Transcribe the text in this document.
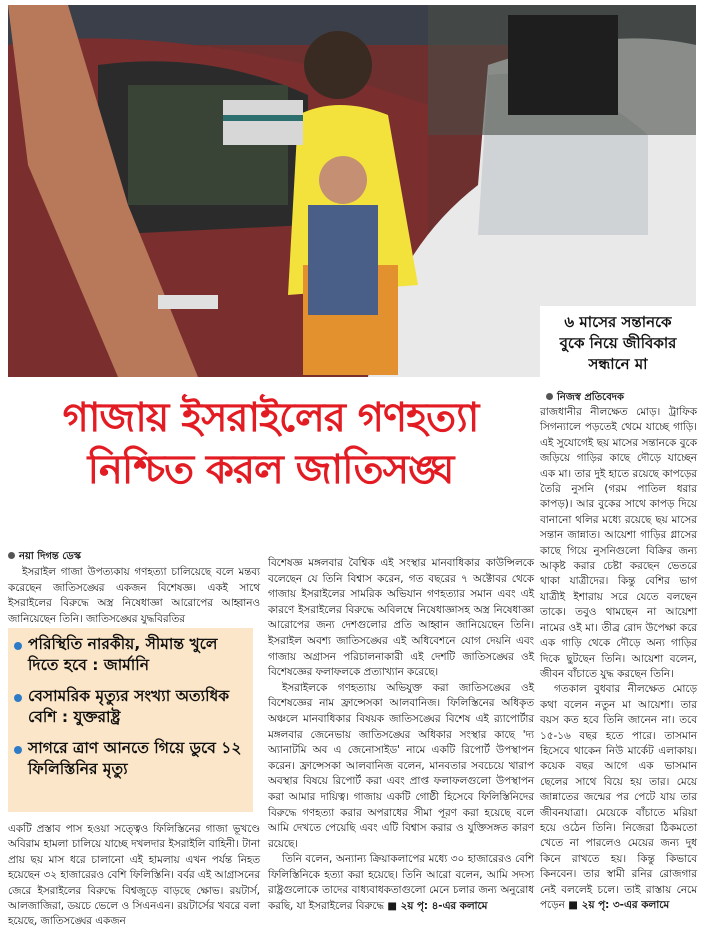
৬ মাসের সন্তানকে

বুকে নিয়ে জীবিকার

সন্ধানে মা

নিজস্ব প্রতিবেদক

রাজধানীর নীলক্ষেত মোড়। ট্রাফিক সিগন্যালে পড়তেই থেমে যাচ্ছে গাড়ি। এই সুযোগেই ছয় মাসের সন্তানকে বুকে জড়িয়ে গাড়ির কাছে দৌড়ে যাচ্ছেন এক মা। তার দুই হাতে রয়েছে কাপড়ের তৈরি নুসনি (গরম পাতিল ধরার কাপড়)। আর বুকের সাথে কাপড় দিয়ে বানানো থলির মধ্যে রয়েছে ছয় মাসের সন্তান জান্নাত। আয়েশা গাড়ির গ্লাসের কাছে গিয়ে নুসনিগুলো বিক্রির জন্য আকৃষ্ট করার চেষ্টা করছেন ভেতরে থাকা যাত্রীদের। কিন্তু বেশির ভাগ যাত্রীই ইশারায় সরে যেতে বলছেন তাকে। তবুও থামছেন না আয়েশা নামের ওই মা। তীব্র রোদ উপেক্ষা করে এক গাড়ি থেকে দৌড়ে অন্য গাড়ির দিকে ছুটছেন তিনি। আয়েশা বলেন, জীবন বাঁচাতে যুদ্ধ করছেন তিনি।

গতকাল বুধবার নীলক্ষেত মোড়ে কথা বলেন নতুন মা আয়েশা। তার বয়স কত হবে তিনি জানেন না। তবে ১৫-১৬ বছর হতে পারে। তাসমান হিসেবে থাকেন নিউ মার্কেট এলাকায়। কয়েক বছর আগে এক ভাসমান ছেলের সাথে বিয়ে হয় তার। মেয়ে জান্নাতের জন্মের পর পেটে যায় তার জীবনযাত্রা। মেয়েকে বাঁচাতে মরিয়া হয়ে ওঠেন তিনি। নিজেরা ঠিকমতো খেতে না পারলেও মেয়ের জন্য দুধ কিনে রাখতে হয়। কিন্তু কিভাবে কিনবেন। তার স্বামী রনির রোজগার নেই বললেই চলে। তাই রাস্তায় নেমে পড়েন ■ ২য় পৃ: ৩-এর কলামে

গাজায় ইসরাইলের গণহত্যা
নিশ্চিত করল জাতিসঙ্ঘ
নয়া দিগন্ত ডেস্ক

ইসরাইল গাজা উপত্যকায় গণহত্যা চালিয়েছে বলে মন্তব্য করেছেন জাতিসঙ্ঘের একজন বিশেষজ্ঞ। একই সাথে ইসরাইলের বিরুদ্ধে অস্ত্র নিষেধাজ্ঞা আরোপের আহ্বানও জানিয়েছেন তিনি। জাতিসঙ্ঘের যুদ্ধবিরতির

পরিস্থিতি নারকীয়, সীমান্ত খুলে দিতে হবে : জার্মানি
বেসামরিক মৃত্যুর সংখ্যা অত্যধিক বেশি : যুক্তরাষ্ট্র
সাগরে ত্রাণ আনতে গিয়ে ডুবে ১২ ফিলিস্তিনির মৃত্যু

একটি প্রস্তাব পাস হওয়া সত্ত্বেও ফিলিস্তিনের গাজা ভূখণ্ডে অবিরাম হামলা চালিয়ে যাচ্ছে দখলদার ইসরাইলি বাহিনী। টানা প্রায় ছয় মাস ধরে চালানো এই হামলায় এখন পর্যন্ত নিহত হয়েছেন ৩২ হাজারেরও বেশি ফিলিস্তিনি। বর্বর এই আগ্রাসনের জেরে ইসরাইলের বিরুদ্ধে বিশ্বজুড়ে বাড়ছে ক্ষোভ। রয়টার্স, আলজাজিরা, ডয়চে ভেলে ও সিএনএন। রয়টার্সের খবরে বলা হয়েছে, জাতিসঙ্ঘের একজন

বিশেষজ্ঞ মঙ্গলবার বৈশ্বিক এই সংস্থার মানবাধিকার কাউন্সিলকে বলেছেন যে তিনি বিশ্বাস করেন, গত বছরের ৭ অক্টোবর থেকে গাজায় ইসরাইলের সামরিক অভিযান গণহত্যার সমান এবং এই কারণে ইসরাইলের বিরুদ্ধে অবিলম্বে নিষেধাজ্ঞাসহ অস্ত্র নিষেধাজ্ঞা আরোপের জন্য দেশগুলোর প্রতি আহ্বান জানিয়েছেন তিনি। ইসরাইল অবশ্য জাতিসঙ্ঘের এই অধিবেশনে যোগ দেয়নি এবং গাজায় অগ্রাসন পরিচালনাকারী এই দেশটি জাতিসঙ্ঘের ওই বিশেষজ্ঞের ফলাফলকে প্রত্যাখ্যান করেছে।

ইসরাইলকে গণহত্যায় অভিযুক্ত করা জাতিসঙ্ঘের ওই বিশেষজ্ঞের নাম ফ্রান্সেসকা আলবানিজ। ফিলিস্তিনের অধিকৃত অঞ্চলে মানবাধিকার বিষয়ক জাতিসঙ্ঘের বিশেষ এই র‍্যাপোর্টার মঙ্গলবার জেনেভায় জাতিসঙ্ঘের অধিকার সংস্থার কাছে 'দ্য অ্যানাটমি অব এ জেনোসাইড' নামে একটি রিপোর্ট উপস্থাপন করেন। ফ্রান্সেসকা আলবানিজ বলেন, মানবতার সবচেয়ে খারাপ অবস্থার বিষয়ে রিপোর্ট করা এবং প্রাপ্ত ফলাফলগুলো উপস্থাপন করা আমার দায়িত্ব। গাজায় একটি গোষ্ঠী হিসেবে ফিলিস্তিনিদের বিরুদ্ধে গণহত্যা করার অপরাধের সীমা পূরণ করা হয়েছে বলে আমি দেখতে পেয়েছি এবং এটি বিশ্বাস করার ও যুক্তিসঙ্গত কারণ রয়েছে।

তিনি বলেন, অন্যান্য ক্রিয়াকলাপের মধ্যে ৩০ হাজারেরও বেশি ফিলিস্তিনিকে হত্যা করা হয়েছে। তিনি আরো বলেন, আমি সদস্য রাষ্ট্রগুলোকে তাদের বাধ্যবাধকতাগুলো মেনে চলার জন্য অনুরোধ করছি, যা ইসরাইলের বিরুদ্ধে ■ ২য় পৃ: ৪-এর কলামে
